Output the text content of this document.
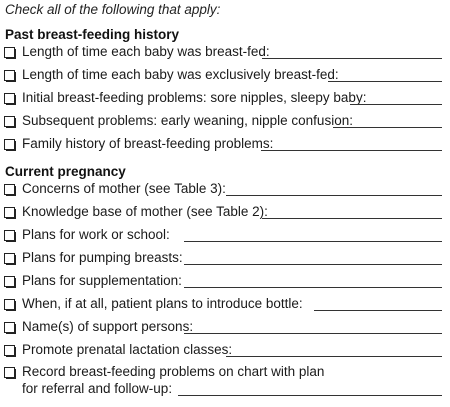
Check all of the following that apply:
Past breast-feeding history
Length of time each baby was breast-fed:
Length of time each baby was exclusively breast-fed:
Initial breast-feeding problems: sore nipples, sleepy baby:
Subsequent problems: early weaning, nipple confusion:
Family history of breast-feeding problems:
Current pregnancy
Concerns of mother (see Table 3):
Knowledge base of mother (see Table 2):
Plans for work or school:
Plans for pumping breasts:
Plans for supplementation:
When, if at all, patient plans to introduce bottle:
Name(s) of support persons:
Promote prenatal lactation classes:
Record breast-feeding problems on chart with plan
for referral and follow-up:
